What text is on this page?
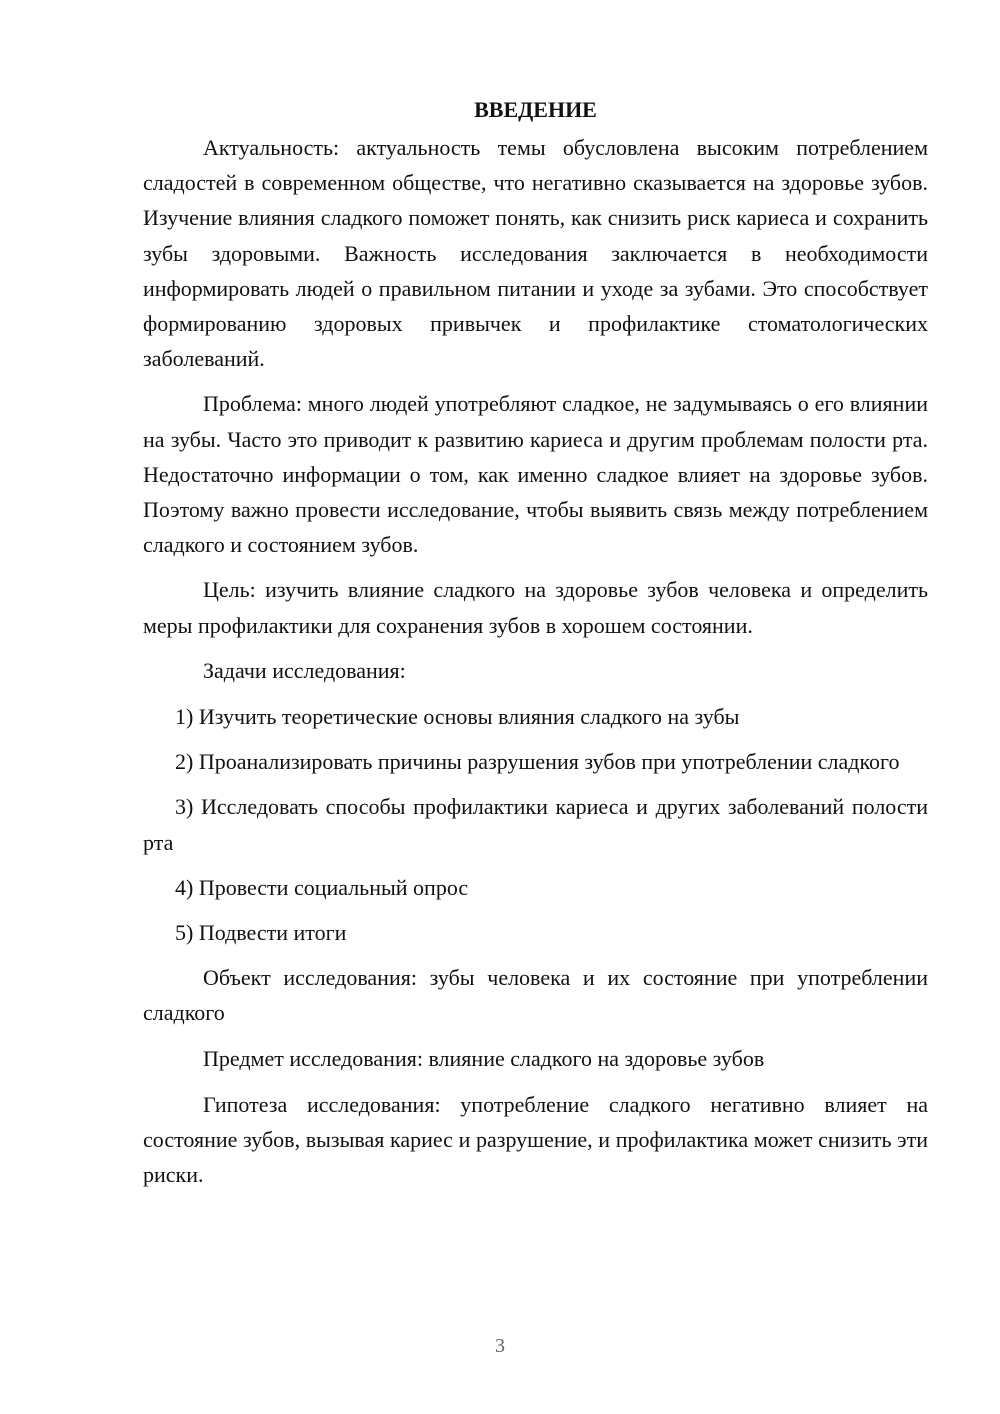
ВВЕДЕНИЕ

Актуальность: актуальность темы обусловлена высоким потреблением сладостей в современном обществе, что негативно сказывается на здоровье зубов. Изучение влияния сладкого поможет понять, как снизить риск кариеса и сохранить зубы здоровыми. Важность исследования заключается в необходимости информировать людей о правильном питании и уходе за зубами. Это способствует формированию здоровых привычек и профилактике стоматологических заболеваний.

Проблема: много людей употребляют сладкое, не задумываясь о его влиянии на зубы. Часто это приводит к развитию кариеса и другим проблемам полости рта. Недостаточно информации о том, как именно сладкое влияет на здоровье зубов. Поэтому важно провести исследование, чтобы выявить связь между потреблением сладкого и состоянием зубов.

Цель: изучить влияние сладкого на здоровье зубов человека и определить меры профилактики для сохранения зубов в хорошем состоянии.

Задачи исследования:

1) Изучить теоретические основы влияния сладкого на зубы

2) Проанализировать причины разрушения зубов при употреблении сладкого

3) Исследовать способы профилактики кариеса и других заболеваний полости рта

4) Провести социальный опрос

5) Подвести итоги

Объект исследования: зубы человека и их состояние при употреблении сладкого

Предмет исследования: влияние сладкого на здоровье зубов

Гипотеза исследования: употребление сладкого негативно влияет на состояние зубов, вызывая кариес и разрушение, и профилактика может снизить эти риски.

3
